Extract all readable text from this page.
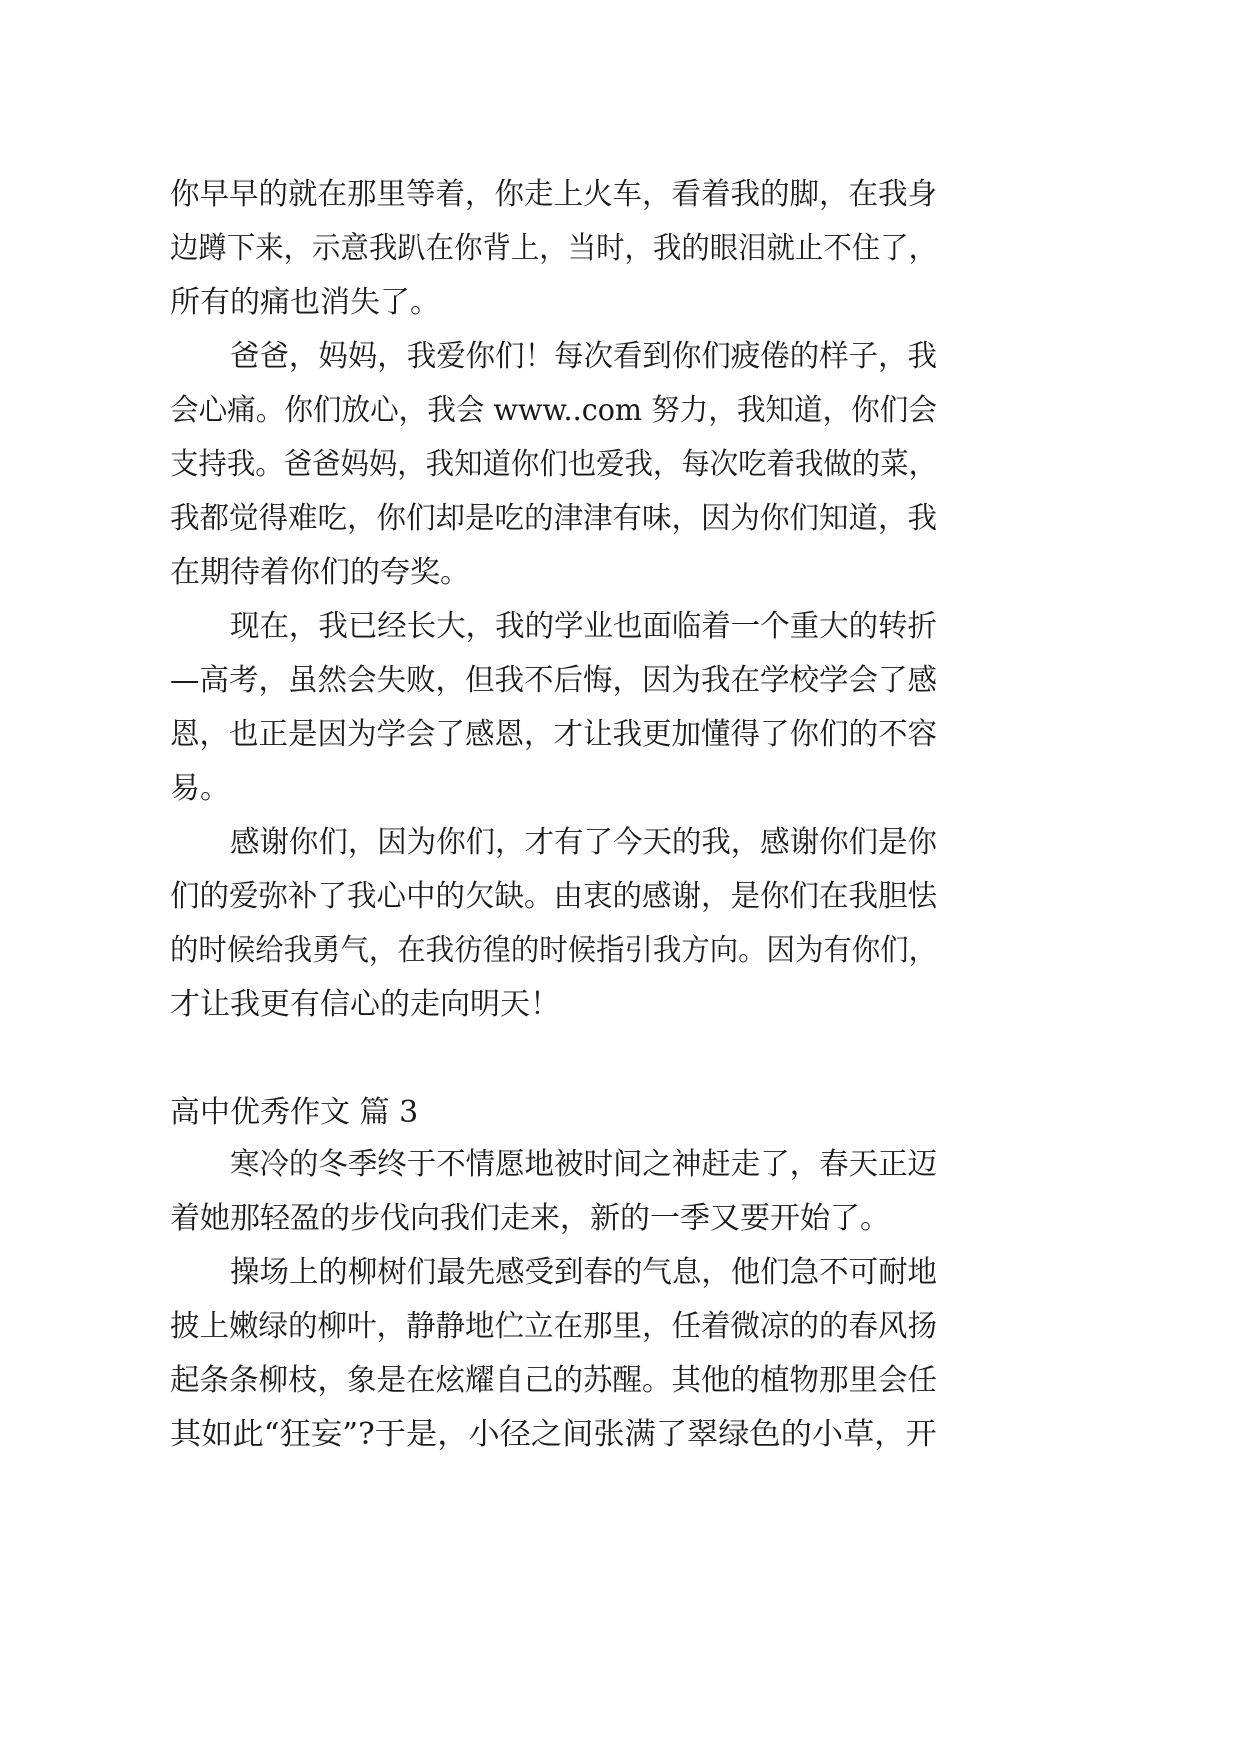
你早早的就在那里等着，你走上火车，看着我的脚，在我身
边蹲下来，示意我趴在你背上，当时，我的眼泪就止不住了，
所有的痛也消失了。
爸爸，妈妈，我爱你们！每次看到你们疲倦的样子，我
会心痛。你们放心，我会 www..com 努力，我知道，你们会
支持我。爸爸妈妈，我知道你们也爱我，每次吃着我做的菜，
我都觉得难吃，你们却是吃的津津有味，因为你们知道，我
在期待着你们的夸奖。
现在，我已经长大，我的学业也面临着一个重大的转折
—高考，虽然会失败，但我不后悔，因为我在学校学会了感
恩，也正是因为学会了感恩，才让我更加懂得了你们的不容
易。
感谢你们，因为你们，才有了今天的我，感谢你们是你
们的爱弥补了我心中的欠缺。由衷的感谢，是你们在我胆怯
的时候给我勇气，在我彷徨的时候指引我方向。因为有你们，
才让我更有信心的走向明天！
高中优秀作文 篇 3
寒冷的冬季终于不情愿地被时间之神赶走了，春天正迈
着她那轻盈的步伐向我们走来，新的一季又要开始了。
操场上的柳树们最先感受到春的气息，他们急不可耐地
披上嫩绿的柳叶，静静地伫立在那里，任着微凉的的春风扬
起条条柳枝，象是在炫耀自己的苏醒。其他的植物那里会任
其如此“狂妄”?于是，小径之间张满了翠绿色的小草，开
